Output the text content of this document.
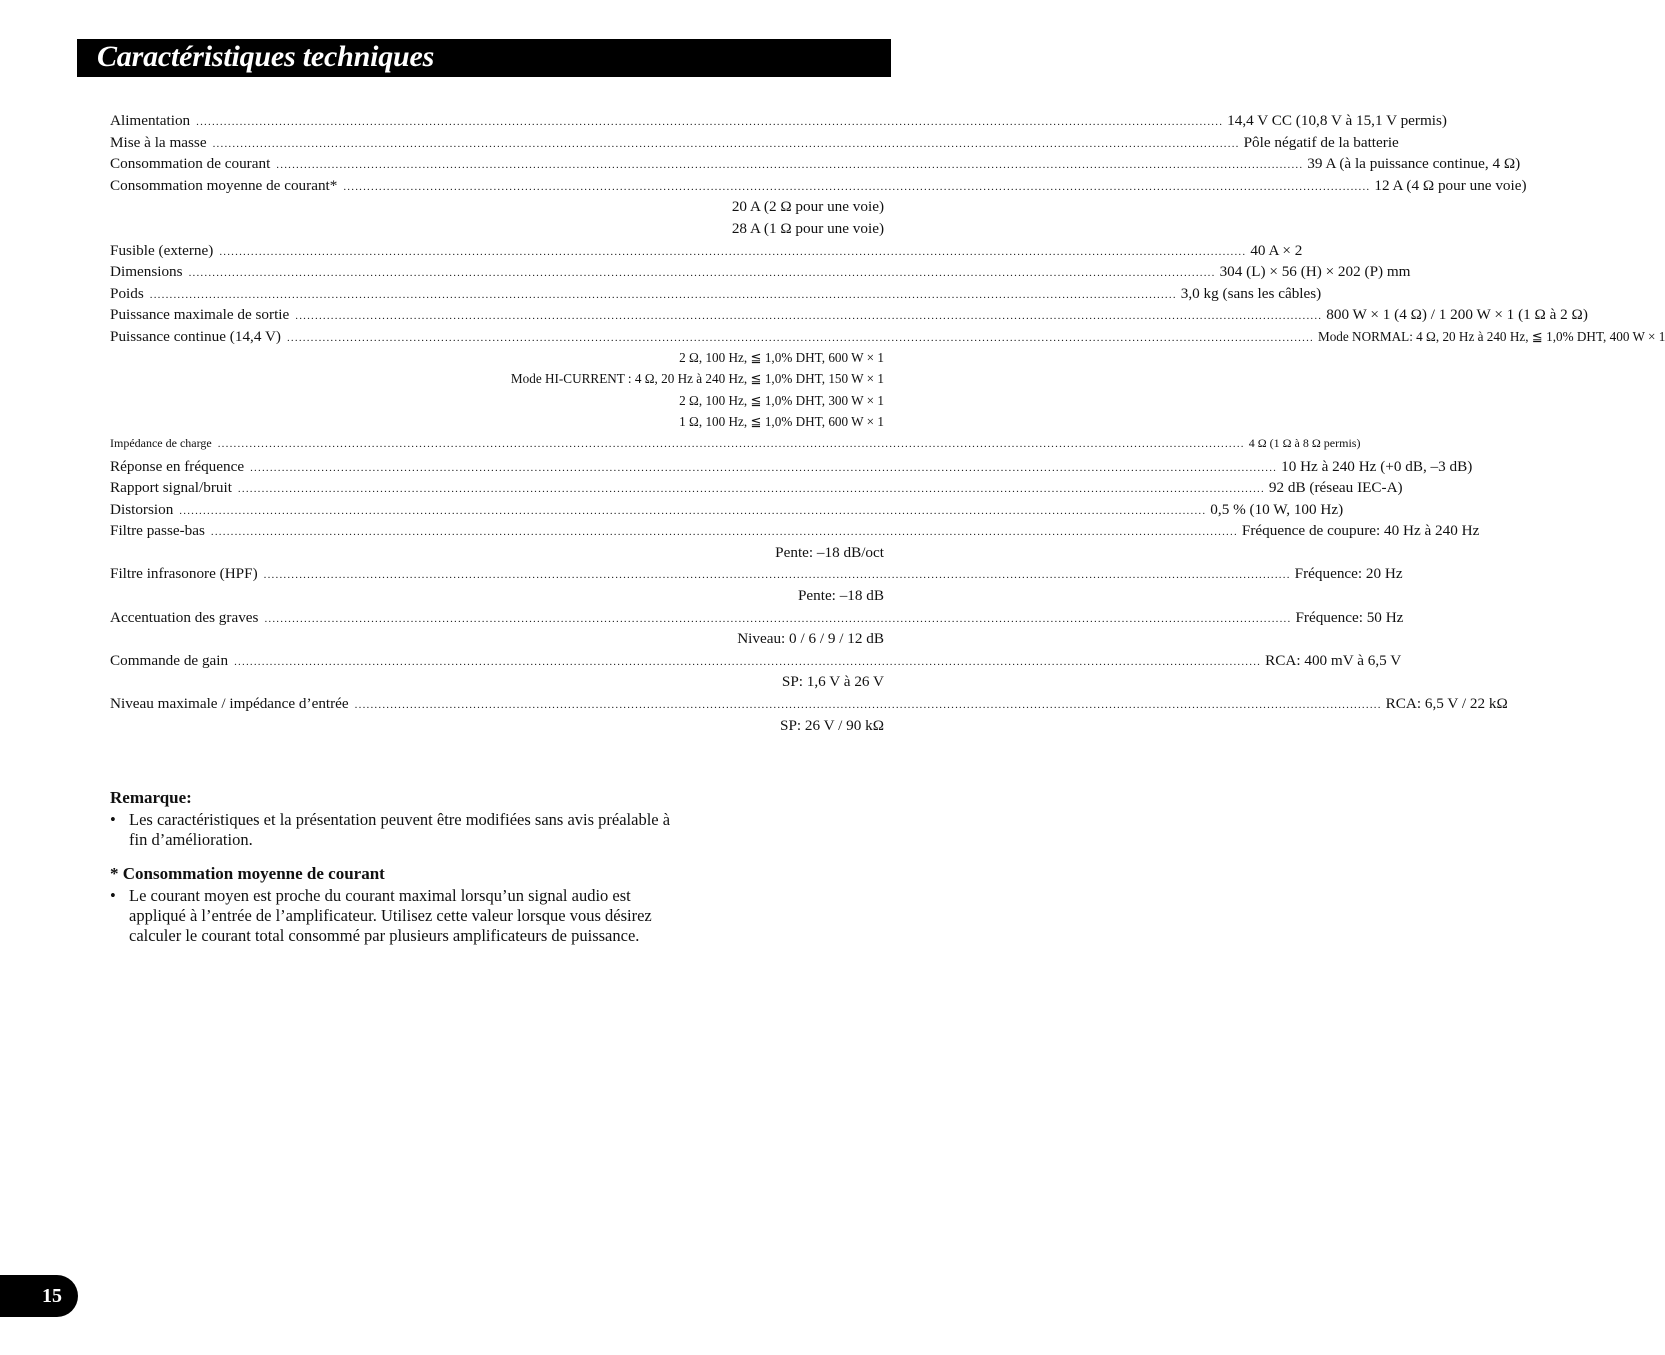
Caractéristiques techniques
Alimentation .................................................................................................................................................................................................................................................................... 14,4 V CC (10,8 V à 15,1 V permis)
Mise à la masse .................................................................................................................................................................................................................................................................... Pôle négatif de la batterie
Consommation de courant .................................................................................................................................................................................................................................................................... 39 A (à la puissance continue, 4 Ω)
Consommation moyenne de courant* .................................................................................................................................................................................................................................................................... 12 A (4 Ω pour une voie)
20 A (2 Ω pour une voie)
28 A (1 Ω pour une voie)
Fusible (externe) .................................................................................................................................................................................................................................................................... 40 A × 2
Dimensions .................................................................................................................................................................................................................................................................... 304 (L) × 56 (H) × 202 (P) mm
Poids .................................................................................................................................................................................................................................................................... 3,0 kg (sans les câbles)
Puissance maximale de sortie .................................................................................................................................................................................................................................................................... 800 W × 1 (4 Ω) / 1 200 W × 1 (1 Ω à 2 Ω)
Puissance continue (14,4 V) .................................................................................................................................................................................................................................................................... Mode NORMAL: 4 Ω, 20 Hz à 240 Hz, ≦ 1,0% DHT, 400 W × 1
2 Ω, 100 Hz, ≦ 1,0% DHT, 600 W × 1
Mode HI-CURRENT : 4 Ω, 20 Hz à 240 Hz, ≦ 1,0% DHT, 150 W × 1
2 Ω, 100 Hz, ≦ 1,0% DHT, 300 W × 1
1 Ω, 100 Hz, ≦ 1,0% DHT, 600 W × 1
Impédance de charge .................................................................................................................................................................................................................................................................... 4 Ω (1 Ω à 8 Ω permis)
Réponse en fréquence .................................................................................................................................................................................................................................................................... 10 Hz à 240 Hz (+0 dB, –3 dB)
Rapport signal/bruit .................................................................................................................................................................................................................................................................... 92 dB (réseau IEC-A)
Distorsion .................................................................................................................................................................................................................................................................... 0,5 % (10 W, 100 Hz)
Filtre passe-bas .................................................................................................................................................................................................................................................................... Fréquence de coupure: 40 Hz à 240 Hz
Pente: –18 dB/oct
Filtre infrasonore (HPF) .................................................................................................................................................................................................................................................................... Fréquence: 20 Hz
Pente: –18 dB
Accentuation des graves .................................................................................................................................................................................................................................................................... Fréquence: 50 Hz
Niveau: 0 / 6 / 9 / 12 dB
Commande de gain .................................................................................................................................................................................................................................................................... RCA: 400 mV à 6,5 V
SP: 1,6 V à 26 V
Niveau maximale / impédance d’entrée .................................................................................................................................................................................................................................................................... RCA: 6,5 V / 22 kΩ
SP: 26 V / 90 kΩ
Remarque:
• Les caractéristiques et la présentation peuvent être modifiées sans avis préalable à
fin d’amélioration.
* Consommation moyenne de courant
• Le courant moyen est proche du courant maximal lorsqu’un signal audio est
appliqué à l’entrée de l’amplificateur. Utilisez cette valeur lorsque vous désirez
calculer le courant total consommé par plusieurs amplificateurs de puissance.
15
